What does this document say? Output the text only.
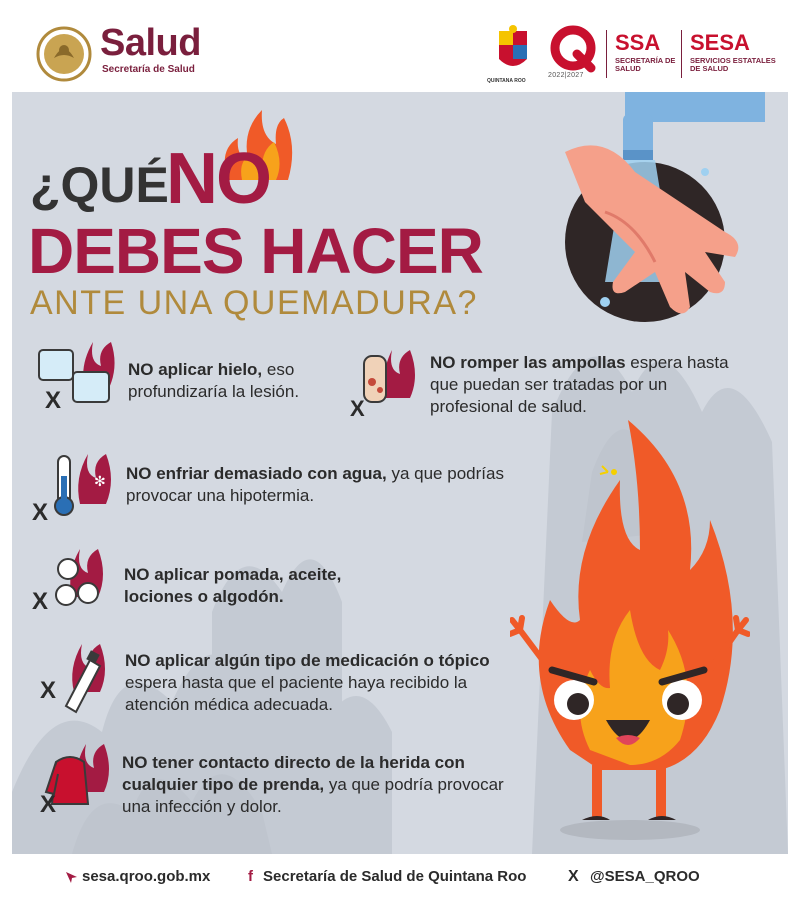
Salud
Secretaría de Salud
QUINTANA ROO
2022|2027
SSA
SECRETARÍA DE SALUD
SESA
SERVICIOS ESTATALES DE SALUD
¿QUÉ
NO
DEBES HACER
ANTE UNA QUEMADURA?
X
NO aplicar hielo, eso profundizaría la lesión.
X
NO romper las ampollas espera hasta que puedan ser tratadas por un profesional de salud.
✻
X
NO enfriar demasiado con agua, ya que podrías provocar una hipotermia.
X
NO aplicar pomada, aceite, lociones o algodón.
X
NO aplicar algún tipo de medicación o tópico espera hasta que el paciente haya recibido la atención médica adecuada.
X
NO tener contacto directo de la herida con cualquier tipo de prenda, ya que podría provocar una infección y dolor.
sesa.qroo.gob.mx	f Secretaría de Salud de Quintana Roo	X @SESA_QROO
